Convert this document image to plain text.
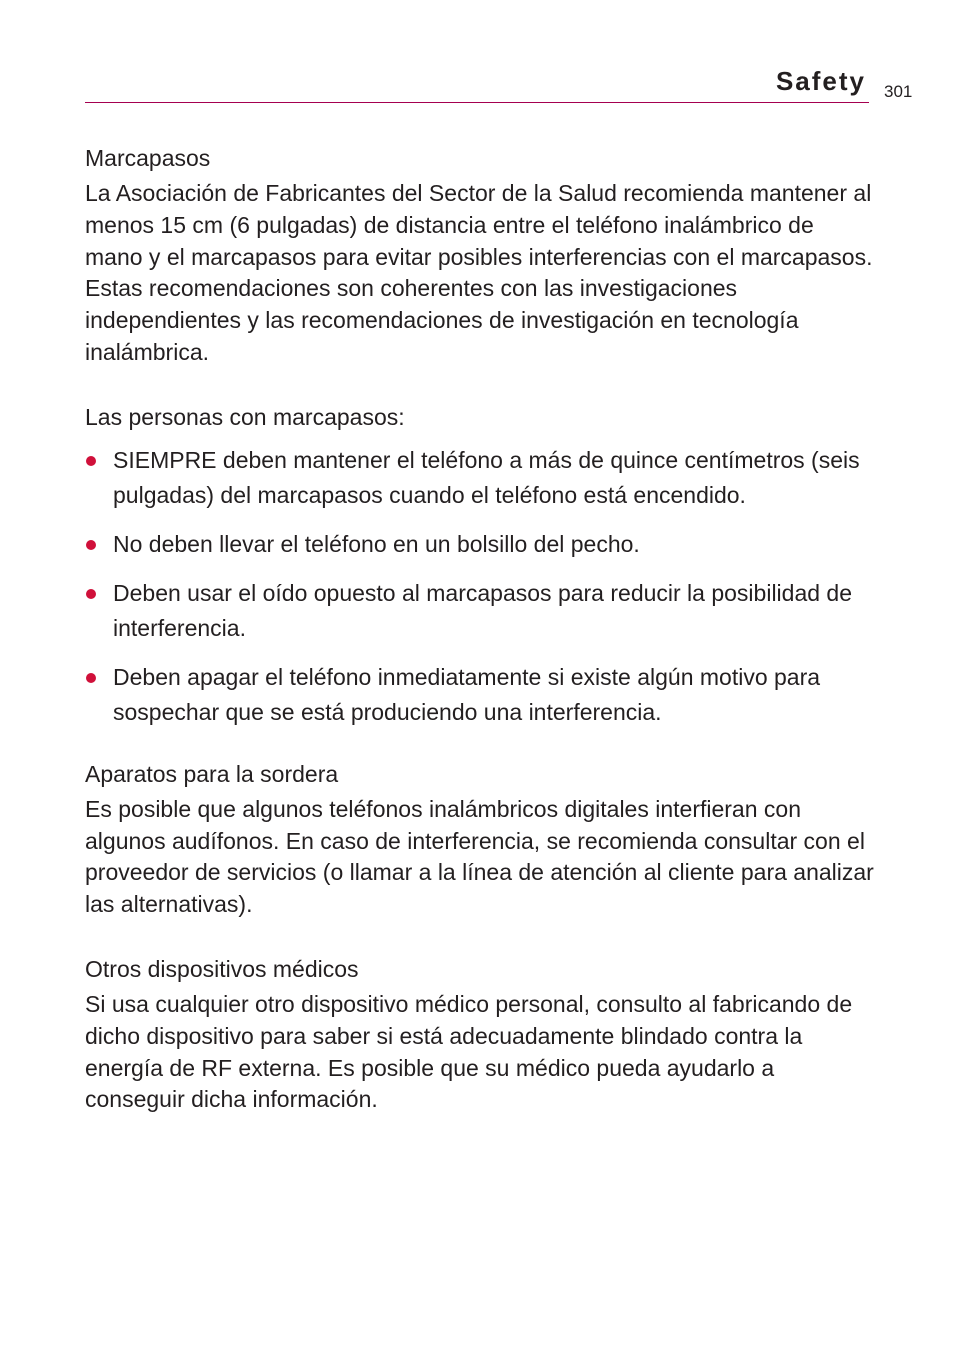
Safety 301
Marcapasos

La Asociación de Fabricantes del Sector de la Salud recomienda mantener al menos 15 cm (6 pulgadas) de distancia entre el teléfono inalámbrico de mano y el marcapasos para evitar posibles interferencias con el marcapasos. Estas recomendaciones son coherentes con las investigaciones independientes y las recomendaciones de investigación en tecnología inalámbrica.

Las personas con marcapasos:
SIEMPRE deben mantener el teléfono a más de quince centímetros (seis pulgadas) del marcapasos cuando el teléfono está encendido.
No deben llevar el teléfono en un bolsillo del pecho.
Deben usar el oído opuesto al marcapasos para reducir la posibilidad de interferencia.
Deben apagar el teléfono inmediatamente si existe algún motivo para sospechar que se está produciendo una interferencia.
Aparatos para la sordera

Es posible que algunos teléfonos inalámbricos digitales interfieran con algunos audífonos. En caso de interferencia, se recomienda consultar con el proveedor de servicios (o llamar a la línea de atención al cliente para analizar las alternativas).

Otros dispositivos médicos

Si usa cualquier otro dispositivo médico personal, consulto al fabricando de dicho dispositivo para saber si está adecuadamente blindado contra la energía de RF externa. Es posible que su médico pueda ayudarlo a conseguir dicha información.
